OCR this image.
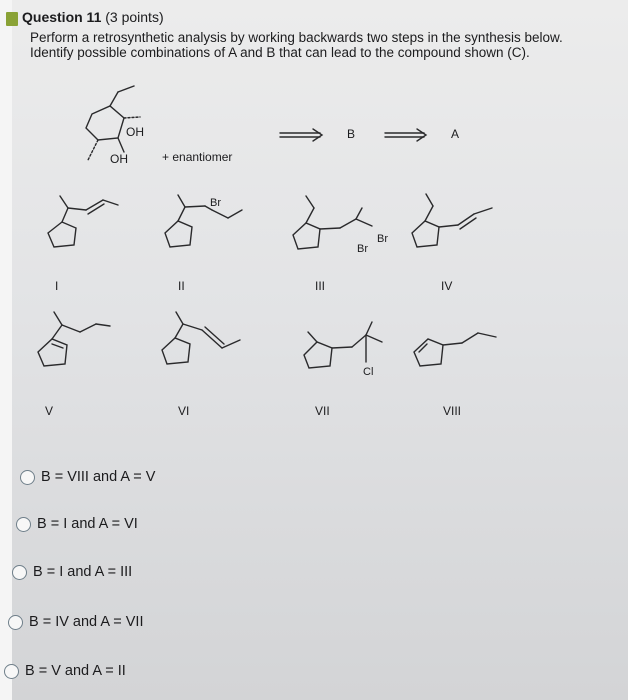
Question 11 (3 points)
Perform a retrosynthetic analysis by working backwards two steps in the synthesis below. Identify possible combinations of A and B that can lead to the compound shown (C).
OH
OH	+ enantiomer
B	A
Br
Br
Br
Cl
I	II	III	IV
V	VI	VII	VIII
B = VIII and A = V
B = I and A = VI
B = I and A = III
B = IV and A = VII
B = V and A = II
